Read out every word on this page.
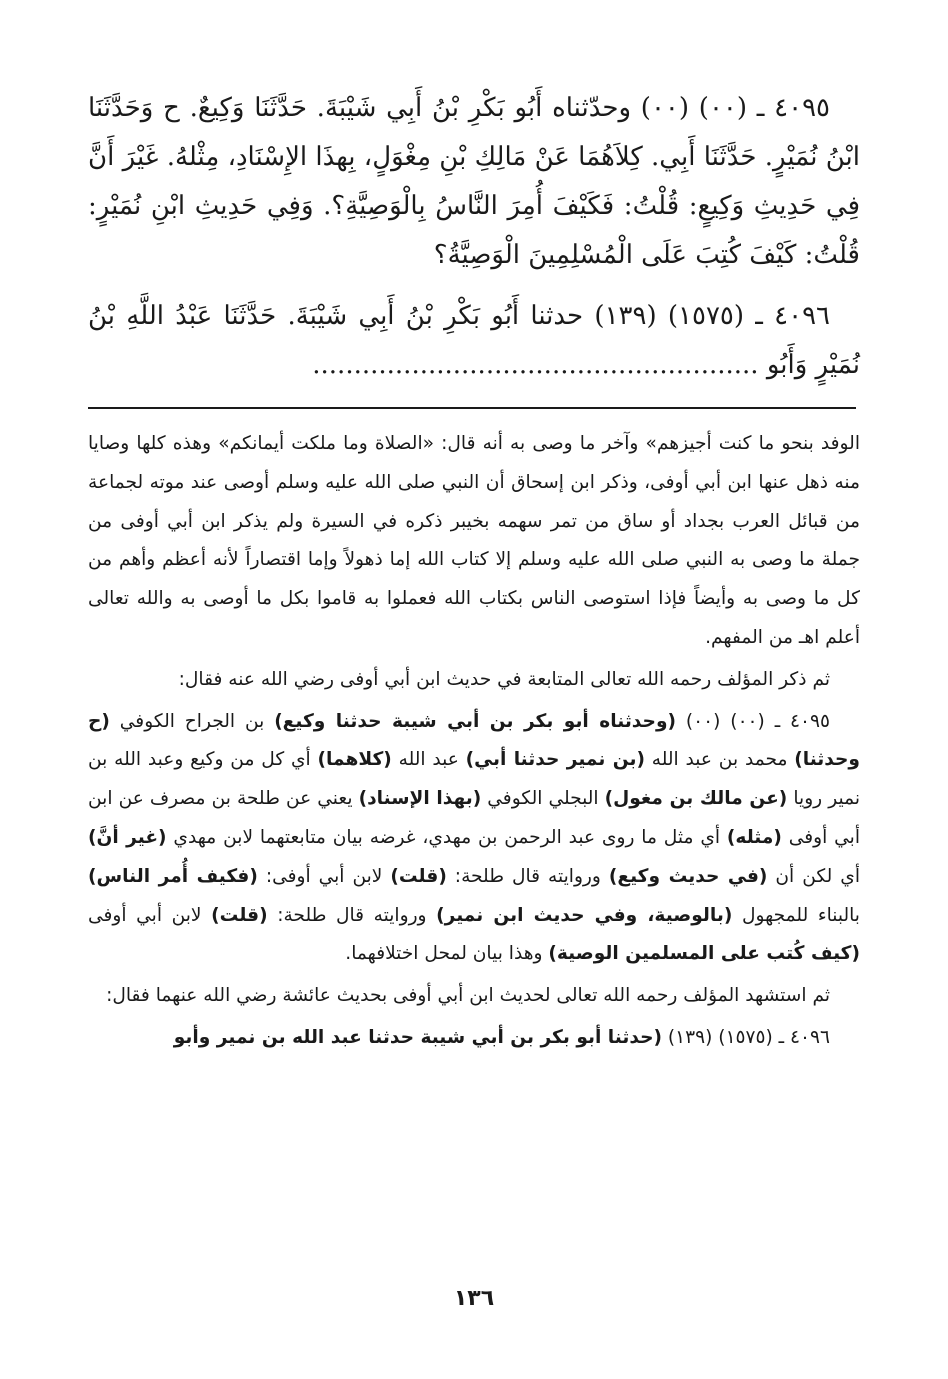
٤٠٩٥ ـ (٠٠) (٠٠) وحدّثناه أَبُو بَكْرِ بْنُ أَبِي شَيْبَةَ. حَدَّثَنَا وَكِيعٌ. ح وَحَدَّثَنَا ابْنُ نُمَيْرٍ. حَدَّثَنَا أَبِي. كِلاَهُمَا عَنْ مَالِكِ بْنِ مِغْوَلٍ، بِهذَا الإِسْنَادِ، مِثْلهُ. غَيْرَ أَنَّ فِي حَدِيثِ وَكِيعٍ: قُلْتُ: فَكَيْفَ أُمِرَ النَّاسُ بِالْوَصِيَّةِ؟. وَفِي حَدِيثِ ابْنِ نُمَيْرٍ: قُلْتُ: كَيْفَ كُتِبَ عَلَى الْمُسْلِمِينَ الْوَصِيَّةُ؟

٤٠٩٦ ـ (١٥٧٥) (١٣٩) حدثنا أَبُو بَكْرِ بْنُ أَبِي شَيْبَةَ. حَدَّثَنَا عَبْدُ اللَّهِ بْنُ نُمَيْرٍ وَأَبُو ......................................................

الوفد بنحو ما كنت أجيزهم» وآخر ما وصى به أنه قال: «الصلاة وما ملكت أيمانكم» وهذه كلها وصايا منه ذهل عنها ابن أبي أوفى، وذكر ابن إسحاق أن النبي صلى الله عليه وسلم أوصى عند موته لجماعة من قبائل العرب بجداد أو ساق من تمر سهمه بخيبر ذكره في السيرة ولم يذكر ابن أبي أوفى من جملة ما وصى به النبي صلى الله عليه وسلم إلا كتاب الله إما ذهولاً وإما اقتصاراً لأنه أعظم وأهم من كل ما وصى به وأيضاً فإذا استوصى الناس بكتاب الله فعملوا به قاموا بكل ما أوصى به والله تعالى أعلم اهـ من المفهم.

ثم ذكر المؤلف رحمه الله تعالى المتابعة في حديث ابن أبي أوفى رضي الله عنه فقال:

٤٠٩٥ ـ (٠٠) (٠٠) (وحدثناه أبو بكر بن أبي شيبة حدثنا وكيع) بن الجراح الكوفي (ح وحدثنا) محمد بن عبد الله (بن نمير حدثنا أبي) عبد الله (كلاهما) أي كل من وكيع وعبد الله بن نمير رويا (عن مالك بن مغول) البجلي الكوفي (بهذا الإسناد) يعني عن طلحة بن مصرف عن ابن أبي أوفى (مثله) أي مثل ما روى عبد الرحمن بن مهدي، غرضه بيان متابعتهما لابن مهدي (غير أنَّ) أي لكن أن (في حديث وكيع) وروايته قال طلحة: (قلت) لابن أبي أوفى: (فكيف أُمر الناس) بالبناء للمجهول (بالوصية، وفي حديث ابن نمير) وروايته قال طلحة: (قلت) لابن أبي أوفى (كيف كُتب على المسلمين الوصية) وهذا بيان لمحل اختلافهما.

ثم استشهد المؤلف رحمه الله تعالى لحديث ابن أبي أوفى بحديث عائشة رضي الله عنهما فقال:

٤٠٩٦ ـ (١٥٧٥) (١٣٩) (حدثنا أبو بكر بن أبي شيبة حدثنا عبد الله بن نمير وأبو

١٣٦
